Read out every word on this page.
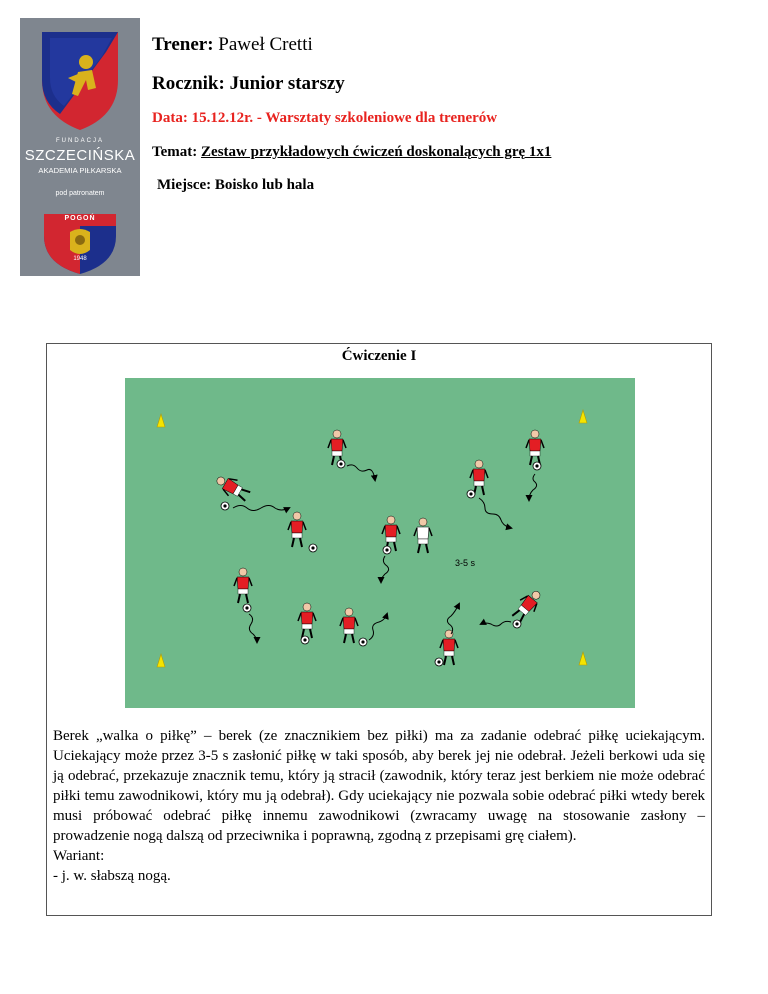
FUNDACJA
SZCZECIŃSKA
AKADEMIA PIŁKARSKA
pod patronatem
POGOŃ
1948
Trener: Paweł Cretti
Rocznik: Junior starszy
Data: 15.12.12r. - Warsztaty szkoleniowe dla trenerów
Temat: Zestaw przykładowych ćwiczeń doskonalących grę 1x1
Miejsce: Boisko lub hala
Ćwiczenie I
3-5 s

Berek „walka o piłkę” – berek (ze znacznikiem bez piłki) ma za zadanie odebrać piłkę uciekającym. Uciekający może przez 3-5 s zasłonić piłkę w taki sposób, aby berek jej nie odebrał. Jeżeli berkowi uda się ją odebrać, przekazuje znacznik temu, który ją stracił (zawodnik, który teraz jest berkiem nie może odebrać piłki temu zawodnikowi, który mu ją odebrał). Gdy uciekający nie pozwala sobie odebrać piłki wtedy berek musi próbować odebrać piłkę innemu zawodnikowi (zwracamy uwagę na stosowanie zasłony – prowadzenie nogą dalszą od przeciwnika i poprawną, zgodną z przepisami grę ciałem).

Wariant:

- j. w. słabszą nogą.
